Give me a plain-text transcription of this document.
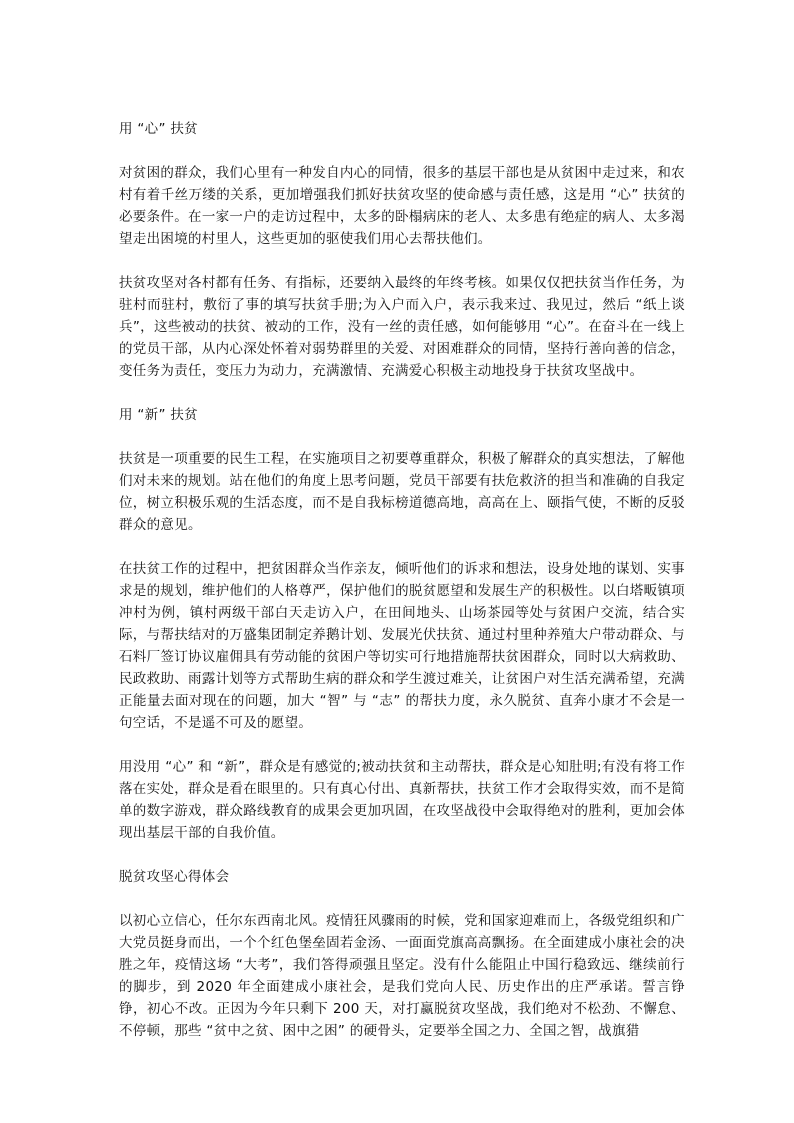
用 “心” 扶贫

对贫困的群众，我们心里有一种发自内心的同情，很多的基层干部也是从贫困中走过来，和农村有着千丝万缕的关系，更加增强我们抓好扶贫攻坚的使命感与责任感，这是用 “心” 扶贫的必要条件。在一家一户的走访过程中，太多的卧榻病床的老人、太多患有绝症的病人、太多渴望走出困境的村里人，这些更加的驱使我们用心去帮扶他们。

扶贫攻坚对各村都有任务、有指标，还要纳入最终的年终考核。如果仅仅把扶贫当作任务，为驻村而驻村，敷衍了事的填写扶贫手册;为入户而入户，表示我来过、我见过，然后 “纸上谈兵”，这些被动的扶贫、被动的工作，没有一丝的责任感，如何能够用 “心”。在奋斗在一线上的党员干部，从内心深处怀着对弱势群里的关爱、对困难群众的同情，坚持行善向善的信念，变任务为责任，变压力为动力，充满激情、充满爱心积极主动地投身于扶贫攻坚战中。

用 “新” 扶贫

扶贫是一项重要的民生工程，在实施项目之初要尊重群众，积极了解群众的真实想法，了解他们对未来的规划。站在他们的角度上思考问题，党员干部要有扶危救济的担当和准确的自我定位，树立积极乐观的生活态度，而不是自我标榜道德高地，高高在上、颐指气使，不断的反驳群众的意见。

在扶贫工作的过程中，把贫困群众当作亲友，倾听他们的诉求和想法，设身处地的谋划、实事求是的规划，维护他们的人格尊严，保护他们的脱贫愿望和发展生产的积极性。以白塔畈镇项冲村为例，镇村两级干部白天走访入户，在田间地头、山场茶园等处与贫困户交流，结合实际，与帮扶结对的万盛集团制定养鹅计划、发展光伏扶贫、通过村里种养殖大户带动群众、与石料厂签订协议雇佣具有劳动能的贫困户等切实可行地措施帮扶贫困群众，同时以大病救助、民政救助、雨露计划等方式帮助生病的群众和学生渡过难关，让贫困户对生活充满希望，充满正能量去面对现在的问题，加大 “智” 与 “志” 的帮扶力度，永久脱贫、直奔小康才不会是一句空话，不是遥不可及的愿望。

用没用 “心” 和 “新”，群众是有感觉的;被动扶贫和主动帮扶，群众是心知肚明;有没有将工作落在实处，群众是看在眼里的。只有真心付出、真新帮扶，扶贫工作才会取得实效，而不是简单的数字游戏，群众路线教育的成果会更加巩固，在攻坚战役中会取得绝对的胜利，更加会体现出基层干部的自我价值。

脱贫攻坚心得体会

以初心立信心，任尔东西南北风。疫情狂风骤雨的时候，党和国家迎难而上，各级党组织和广大党员挺身而出，一个个红色堡垒固若金汤、一面面党旗高高飘扬。在全面建成小康社会的决胜之年，疫情这场 “大考”，我们答得顽强且坚定。没有什么能阻止中国行稳致远、继续前行的脚步，到 2020 年全面建成小康社会，是我们党向人民、历史作出的庄严承诺。誓言铮铮，初心不改。正因为今年只剩下 200 天，对打赢脱贫攻坚战，我们绝对不松劲、不懈怠、不停顿，那些 “贫中之贫、困中之困” 的硬骨头，定要举全国之力、全国之智，战旗猎
